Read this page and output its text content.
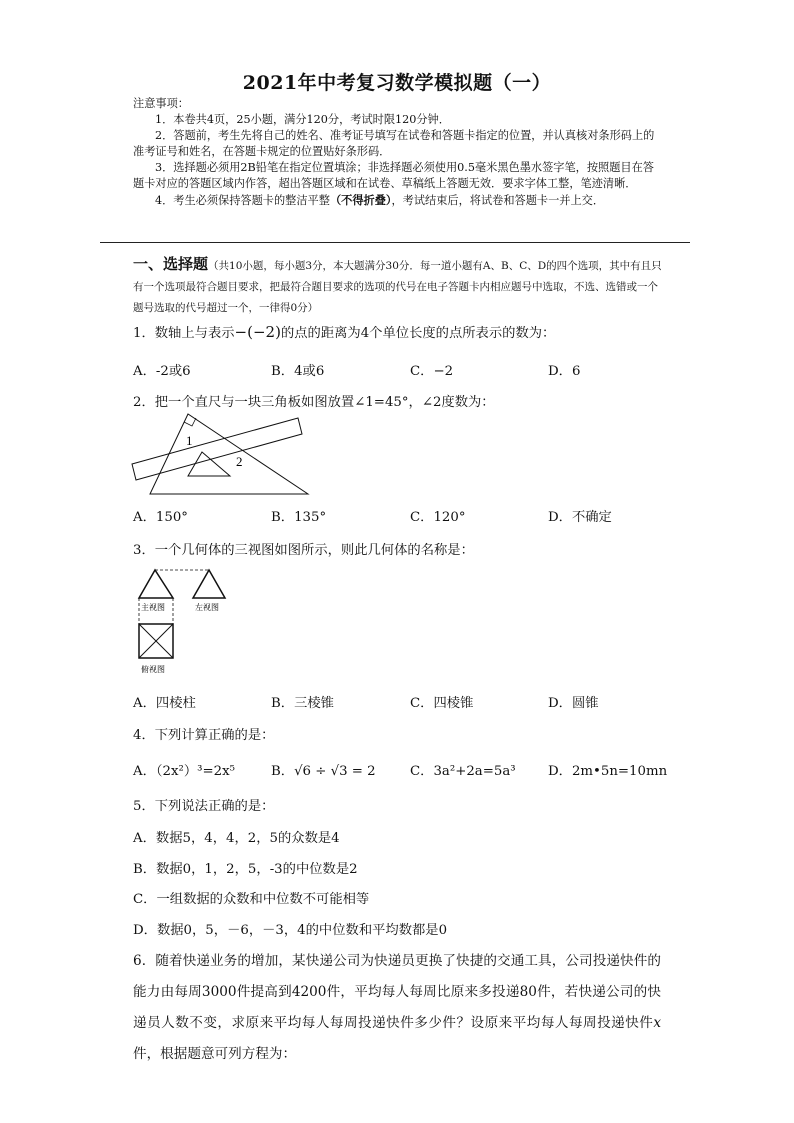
2021年中考复习数学模拟题（一）

注意事项：

1．本卷共4页，25小题，满分120分，考试时限120分钟．

2．答题前，考生先将自己的姓名、准考证号填写在试卷和答题卡指定的位置，并认真核对条形码上的准考证号和姓名，在答题卡规定的位置贴好条形码．

3．选择题必须用2B铅笔在指定位置填涂；非选择题必须使用0.5毫米黑色墨水签字笔，按照题目在答题卡对应的答题区域内作答，超出答题区域和在试卷、草稿纸上答题无效．要求字体工整，笔迹清晰．

4．考生必须保持答题卡的整洁平整（不得折叠），考试结束后，将试卷和答题卡一并上交．

一、选择题（共10小题，每小题3分，本大题满分30分．每一道小题有A、B、C、D的四个选项，其中有且只有一个选项最符合题目要求，把最符合题目要求的选项的代号在电子答题卡内相应题号中选取，不选、选错或一个题号选取的代号超过一个，一律得0分）
1．数轴上与表示−(−2)的点的距离为4个单位长度的点所表示的数为：
A．-2或6	B．4或6	C．−2	D．6
2．把一个直尺与一块三角板如图放置∠1=45°，∠2度数为：
1
2
A．150°	B．135°	C．120°	D．不确定
3．一个几何体的三视图如图所示，则此几何体的名称是：
主视图	左视图
俯视图
A．四棱柱	B．三棱锥	C．四棱锥	D．圆锥
4．下列计算正确的是：
A．（2x²）³=2x⁵	B．√6 ÷ √3 = 2	C．3a²+2a=5a³ D．2m•5n=10mn
5．下列说法正确的是：
A．数据5，4，4，2，5的众数是4
B．数据0，1，2，5，-3的中位数是2
C．一组数据的众数和中位数不可能相等
D．数据0，5，－6，－3，4的中位数和平均数都是0
6．随着快递业务的增加，某快递公司为快递员更换了快捷的交通工具，公司投递快件的能力由每周3000件提高到4200件，平均每人每周比原来多投递80件，若快递公司的快递员人数不变，求原来平均每人每周投递快件多少件？设原来平均每人每周投递快件x件，根据题意可列方程为：
